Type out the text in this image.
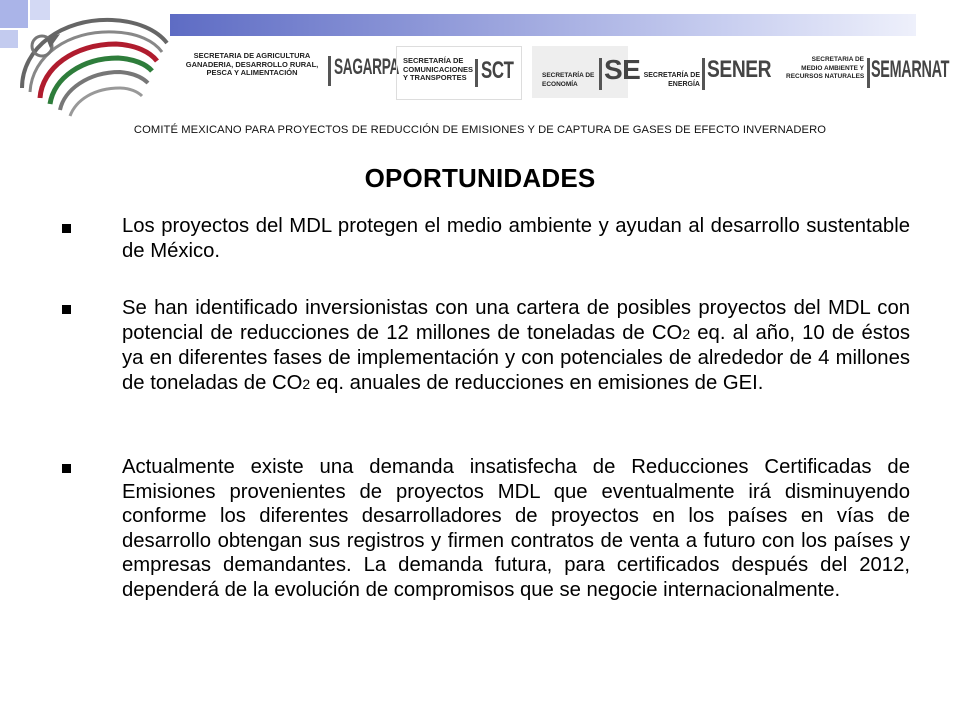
SECRETARIA DE AGRICULTURA
GANADERIA, DESARROLLO RURAL,
PESCA Y ALIMENTACIÓN	SAGARPA SECRETARÍA DE
COMUNICACIONES
Y TRANSPORTES SCT	SECRETARÍA DE
ECONOMÍA SE SECRETARÍA DE
ENERGÍA
SENER	SECRETARIA DE
MEDIO AMBIENTE Y
RECURSOS NATURALES SEMARNAT
COMITÉ MEXICANO PARA PROYECTOS DE REDUCCIÓN DE EMISIONES Y DE CAPTURA DE GASES DE EFECTO INVERNADERO
OPORTUNIDADES
Los proyectos del MDL protegen el medio ambiente y ayudan al desarrollo sustentable de México.
Se han identificado inversionistas con una cartera de posibles proyectos del MDL con potencial de reducciones de 12 millones de toneladas de CO2 eq. al año, 10 de éstos ya en diferentes fases de implementación y con potenciales de alrededor de 4 millones de toneladas de CO2 eq. anuales de reducciones en emisiones de GEI.
Actualmente existe una demanda insatisfecha de Reducciones Certificadas de Emisiones provenientes de proyectos MDL que eventualmente irá disminuyendo conforme los diferentes desarrolladores de proyectos en los países en vías de desarrollo obtengan sus registros y firmen contratos de venta a futuro con los países y empresas demandantes. La demanda futura, para certificados después del 2012, dependerá de la evolución de compromisos que se negocie internacionalmente.
